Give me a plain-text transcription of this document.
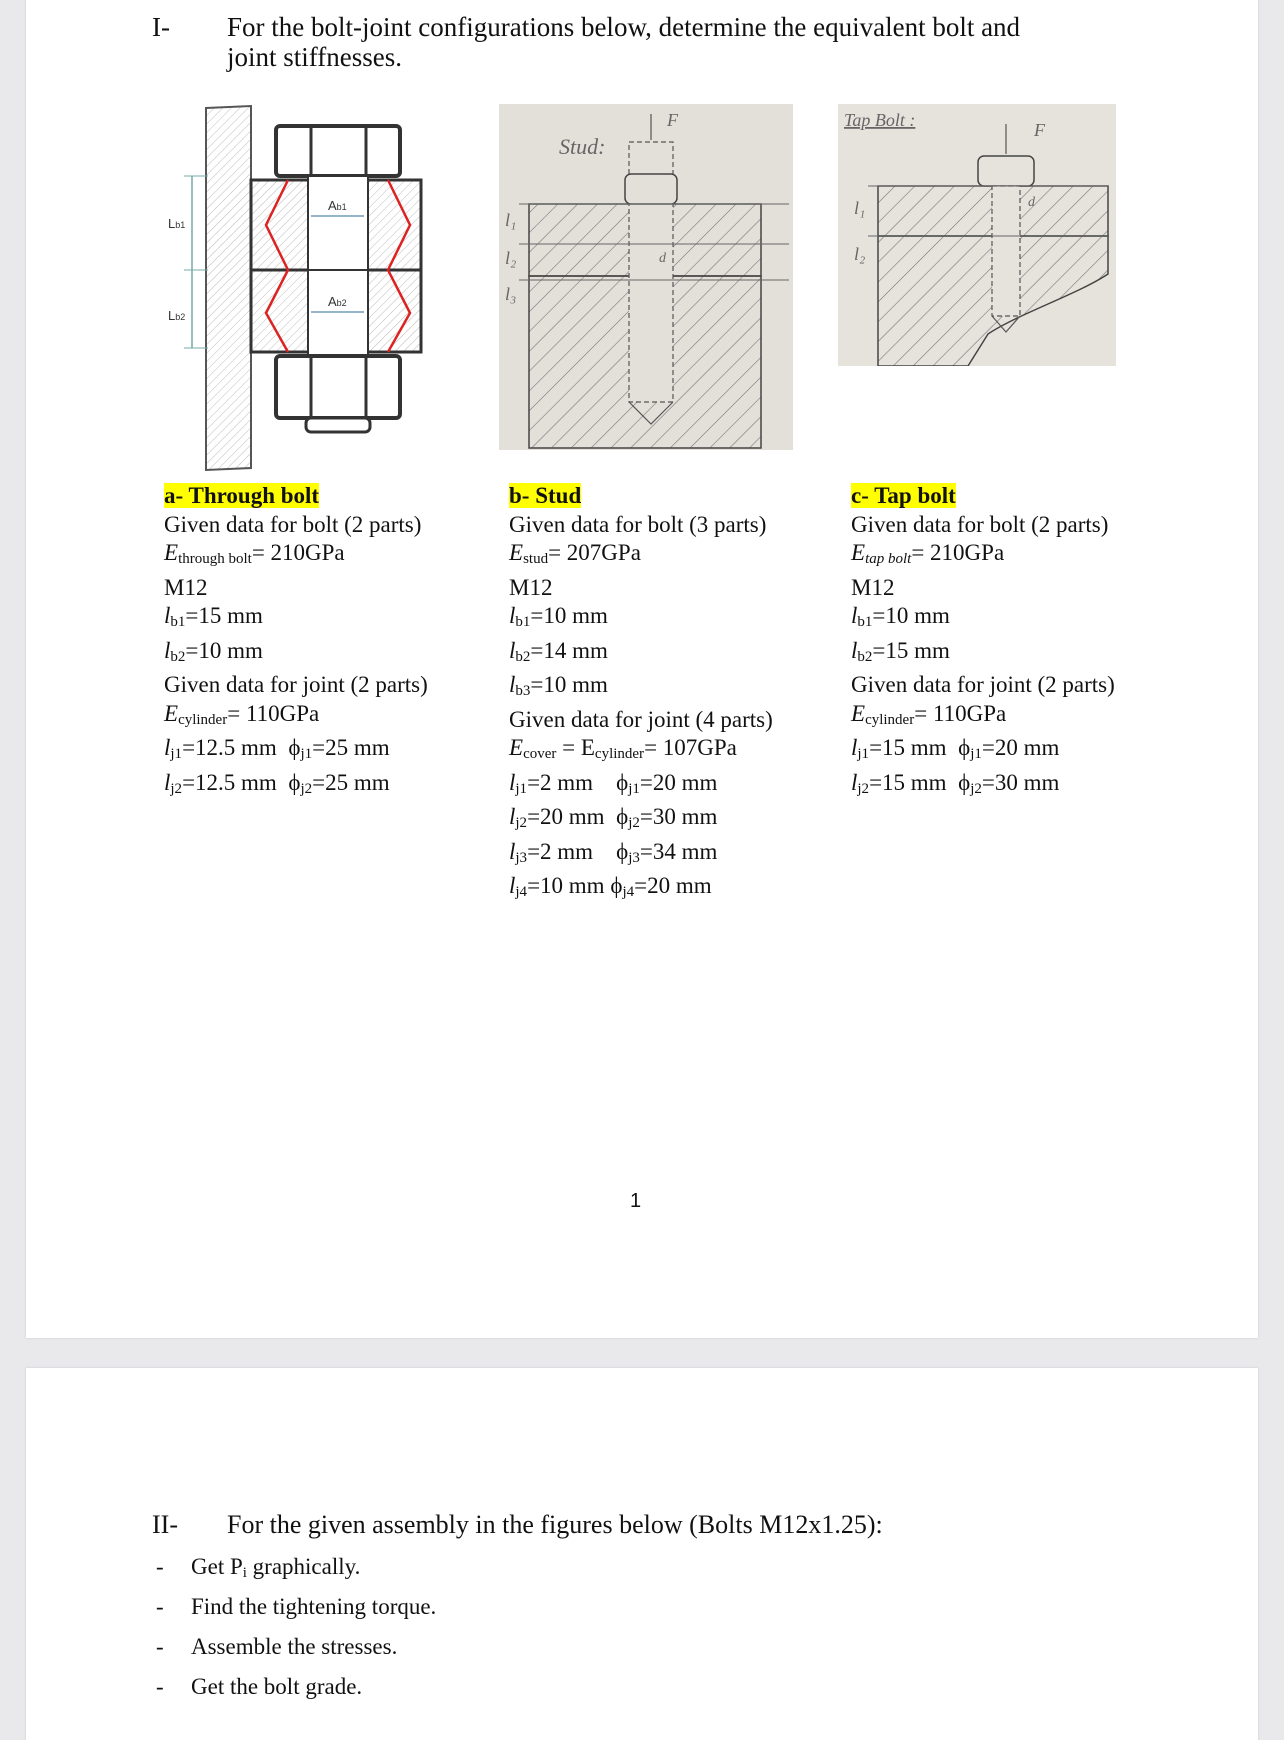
I- For the bolt-joint configurations below, determine the equivalent bolt and
joint stiffnesses.
Lb1
Lb2
Ab1
Ab2
Stud:
F
l₁
l₂
l₃
d
Tap Bolt :	F
l₁
l₂
d
a- Through bolt
Given data for bolt (2 parts)
$E_{through bolt}= 210GPa$
M12
$l_{b1}=15$ mm
$l_{b2}=10$ mm
Given data for joint (2 parts)
$E_{cylinder}= 110GPa$
$l_{j1}=12.5$ mm $\phi_{j1}=25$ mm
$l_{j2}=12.5$ mm $\phi_{j2}=25$ mm
b- Stud
Given data for bolt (3 parts)
$E_{stud}= 207GPa$
M12
$l_{b1}=10$ mm
$l_{b2}=14$ mm
$l_{b3}=10$ mm
Given data for joint (4 parts)
$E_{cover} = E_{cylinder}= 107GPa$
$l_{j1}=2$ mm $\phi_{j1}=20$ mm
$l_{j2}=20$ mm $\phi_{j2}=30$ mm
$l_{j3}=2$ mm $\phi_{j3}=34$ mm
$l_{j4}=10$ mm $\phi_{j4}=20$ mm
c- Tap bolt
Given data for bolt (2 parts)
$E_{tap bolt}= 210GPa$
M12
$l_{b1}=10$ mm
$l_{b2}=15$ mm
Given data for joint (2 parts)
$E_{cylinder}= 110GPa$
$l_{j1}=15$ mm $\phi_{j1}=20$ mm
$l_{j2}=15$ mm $\phi_{j2}=30$ mm
1
II- For the given assembly in the figures below (Bolts M12x1.25):
- Get $P_i$ graphically.
- Find the tightening torque.
- Assemble the stresses.
- Get the bolt grade.
